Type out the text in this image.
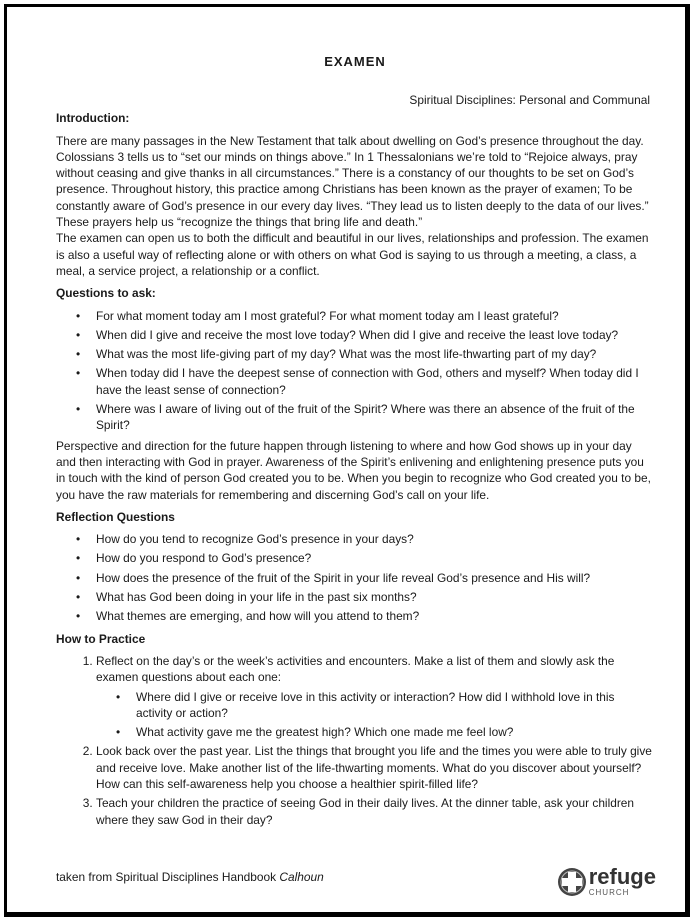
EXAMEN

Spiritual Disciplines: Personal and Communal

Introduction:

There are many passages in the New Testament that talk about dwelling on God’s presence throughout the day. Colossians 3 tells us to “set our minds on things above.” In 1 Thessalonians we’re told to “Rejoice always, pray without ceasing and give thanks in all circumstances.” There is a constancy of our thoughts to be set on God’s presence. Throughout history, this practice among Christians has been known as the prayer of examen; To be constantly aware of God’s presence in our every day lives. “They lead us to listen deeply to the data of our lives.” These prayers help us “recognize the things that bring life and death.”

The examen can open us to both the difficult and beautiful in our lives, relationships and profession. The examen is also a useful way of reflecting alone or with others on what God is saying to us through a meeting, a class, a meal, a service project, a relationship or a conflict.

Questions to ask:
• For what moment today am I most grateful? For what moment today am I least grateful?
• When did I give and receive the most love today? When did I give and receive the least love today?
• What was the most life-giving part of my day? What was the most life-thwarting part of my day?
• When today did I have the deepest sense of connection with God, others and myself? When today did I have the least sense of connection?
• Where was I aware of living out of the fruit of the Spirit? Where was there an absence of the fruit of the Spirit?

Perspective and direction for the future happen through listening to where and how God shows up in your day and then interacting with God in prayer. Awareness of the Spirit’s enlivening and enlightening presence puts you in touch with the kind of person God created you to be. When you begin to recognize who God created you to be, you have the raw materials for remembering and discerning God’s call on your life.

Reflection Questions
• How do you tend to recognize God’s presence in your days?
• How do you respond to God’s presence?
• How does the presence of the fruit of the Spirit in your life reveal God’s presence and His will?
• What has God been doing in your life in the past six months?
• What themes are emerging, and how will you attend to them?
How to Practice
1. Reflect on the day’s or the week’s activities and encounters. Make a list of them and slowly ask the examen questions about each one:
• Where did I give or receive love in this activity or interaction? How did I withhold love in this activity or action?
• What activity gave me the greatest high? Which one made me feel low?
2. Look back over the past year. List the things that brought you life and the times you were able to truly give and receive love. Make another list of the life-thwarting moments. What do you discover about yourself? How can this self-awareness help you choose a healthier spirit-filled life?
3. Teach your children the practice of seeing God in their daily lives. At the dinner table, ask your children where they saw God in their day?
taken from Spiritual Disciplines Handbook Calhoun	refuge
CHURCH
